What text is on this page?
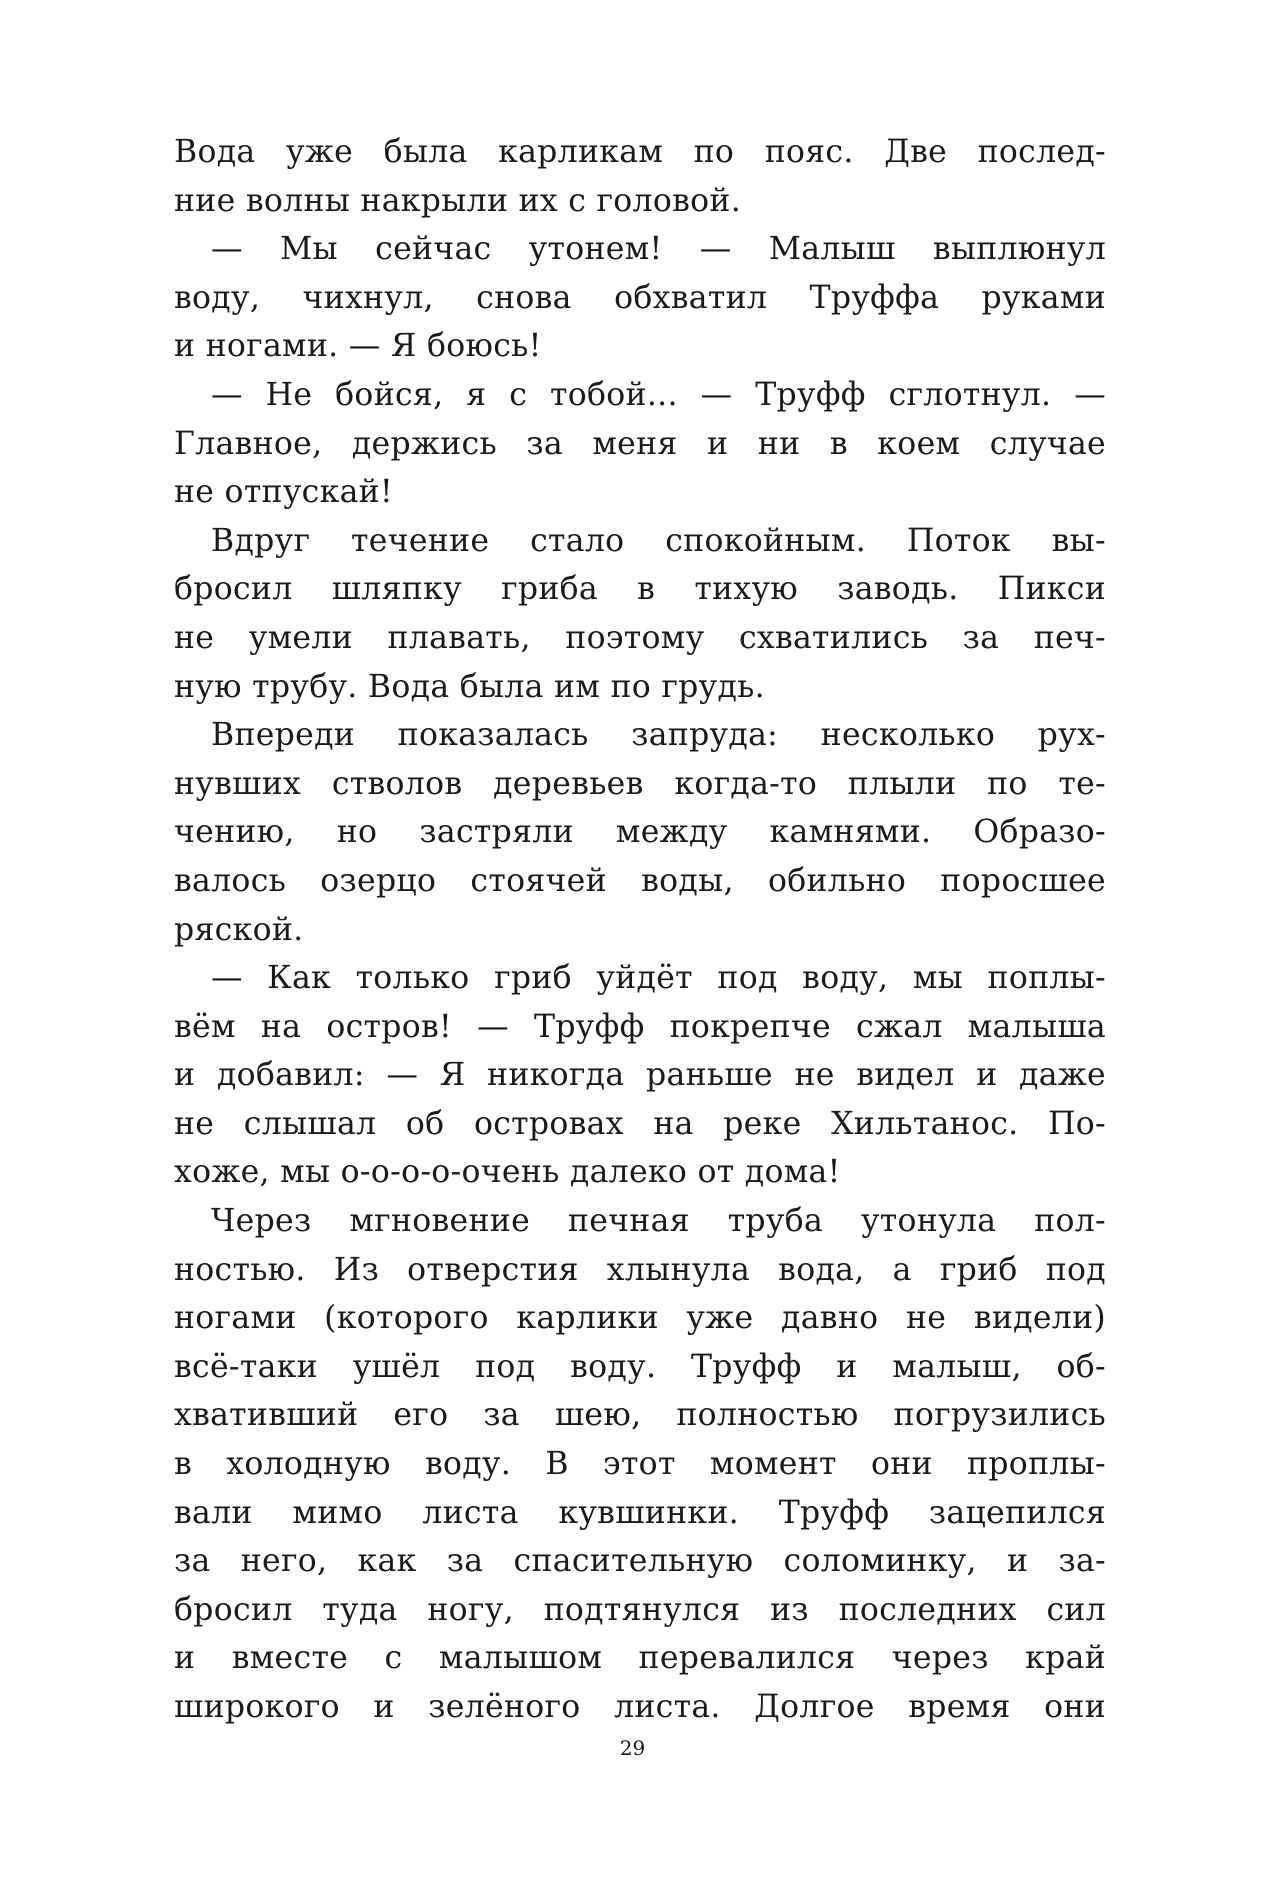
Вода уже была карликам по пояс. Две послед-
ние волны накрыли их с головой.
— Мы сейчас утонем! — Малыш выплюнул
воду, чихнул, снова обхватил Труффа руками
и ногами. — Я боюсь!
— Не бойся, я с тобой... — Труфф сглотнул. —
Главное, держись за меня и ни в коем случае
не отпускай!
Вдруг течение стало спокойным. Поток вы-
бросил шляпку гриба в тихую заводь. Пикси
не умели плавать, поэтому схватились за печ-
ную трубу. Вода была им по грудь.
Впереди показалась запруда: несколько рух-
нувших стволов деревьев когда-то плыли по те-
чению, но застряли между камнями. Образо-
валось озерцо стоячей воды, обильно поросшее
ряской.
— Как только гриб уйдёт под воду, мы поплы-
вём на остров! — Труфф покрепче сжал малыша
и добавил: — Я никогда раньше не видел и даже
не слышал об островах на реке Хильтанос. По-
хоже, мы о-о-о-о-очень далеко от дома!
Через мгновение печная труба утонула пол-
ностью. Из отверстия хлынула вода, а гриб под
ногами (которого карлики уже давно не видели)
всё-таки ушёл под воду. Труфф и малыш, об-
хвативший его за шею, полностью погрузились
в холодную воду. В этот момент они проплы-
вали мимо листа кувшинки. Труфф зацепился
за него, как за спасительную соломинку, и за-
бросил туда ногу, подтянулся из последних сил
и вместе с малышом перевалился через край
широкого и зелёного листа. Долгое время они
29
